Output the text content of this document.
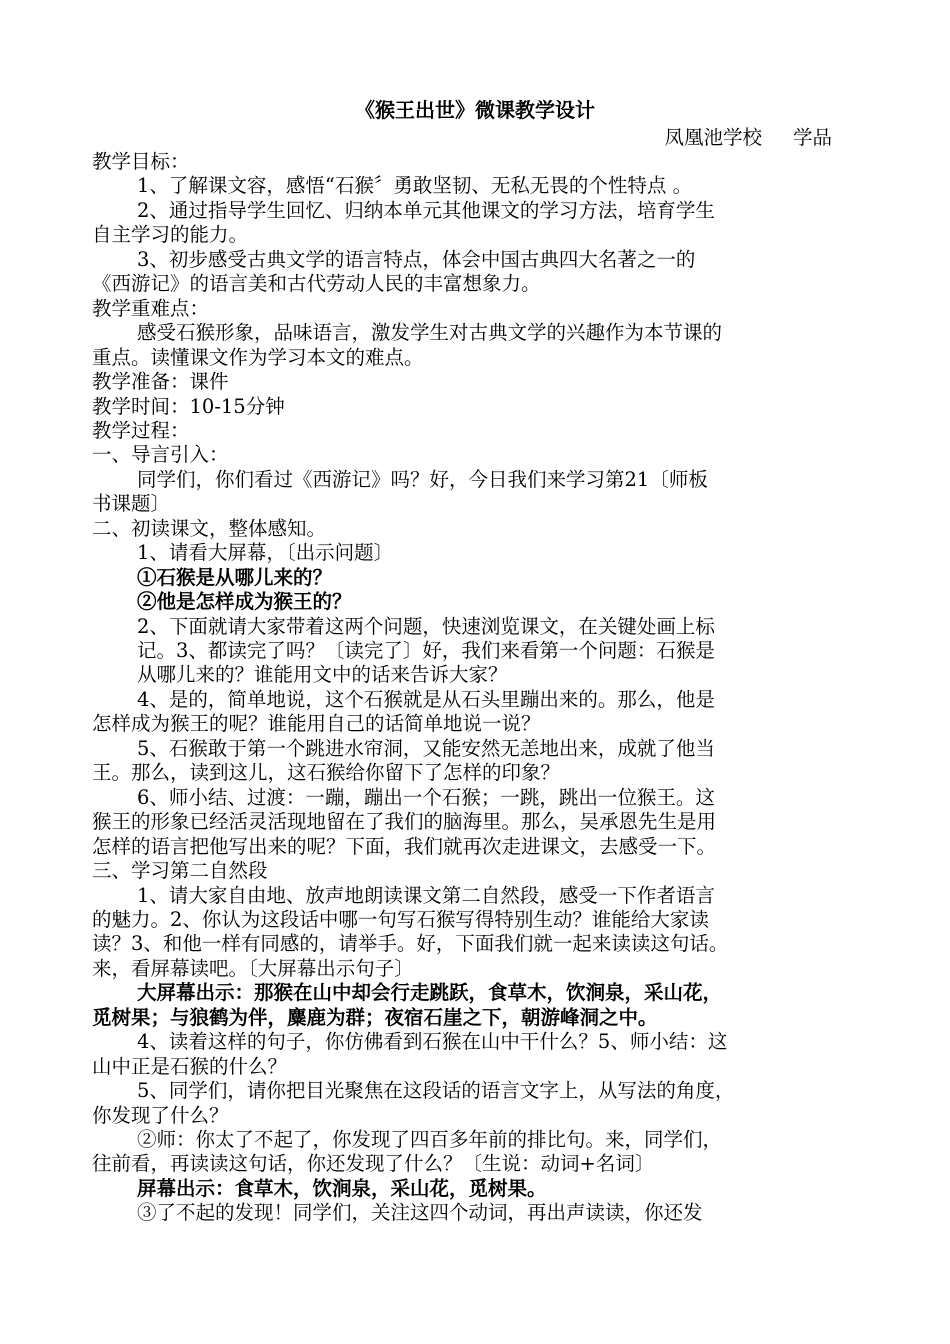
《猴王出世》微课教学设计
凤凰池学校     学品
教学目标：
1、了解课文容，感悟“石猴〞勇敢坚韧、无私无畏的个性特点 。
2、通过指导学生回忆、归纳本单元其他课文的学习方法，培育学生
自主学习的能力。
3、初步感受古典文学的语言特点，体会中国古典四大名著之一的
《西游记》的语言美和古代劳动人民的丰富想象力。
教学重难点：
感受石猴形象，品味语言，激发学生对古典文学的兴趣作为本节课的
重点。读懂课文作为学习本文的难点。
教学准备：课件
教学时间：10-15分钟
教学过程：
一、导言引入：
同学们，你们看过《西游记》吗？好，今日我们来学习第21〔师板
书课题〕
二、初读课文，整体感知。
1、请看大屏幕，〔出示问题〕
①石猴是从哪儿来的？
②他是怎样成为猴王的？
2、下面就请大家带着这两个问题，快速浏览课文，在关键处画上标
记。3、都读完了吗？〔读完了〕好，我们来看第一个问题：石猴是
从哪儿来的？谁能用文中的话来告诉大家？
4、是的，简单地说，这个石猴就是从石头里蹦出来的。那么，他是
怎样成为猴王的呢？谁能用自己的话简单地说一说？
5、石猴敢于第一个跳进水帘洞，又能安然无恙地出来，成就了他当
王。那么，读到这儿，这石猴给你留下了怎样的印象？
6、师小结、过渡：一蹦，蹦出一个石猴；一跳，跳出一位猴王。这
猴王的形象已经活灵活现地留在了我们的脑海里。那么，吴承恩先生是用
怎样的语言把他写出来的呢？下面，我们就再次走进课文，去感受一下。
三、学习第二自然段
1、请大家自由地、放声地朗读课文第二自然段，感受一下作者语言
的魅力。2、你认为这段话中哪一句写石猴写得特别生动？谁能给大家读
读？3、和他一样有同感的，请举手。好，下面我们就一起来读读这句话。
来，看屏幕读吧。〔大屏幕出示句子〕
大屏幕出示：那猴在山中却会行走跳跃，食草木，饮涧泉，采山花，
觅树果；与狼鹤为伴，麋鹿为群；夜宿石崖之下，朝游峰洞之中。
4、读着这样的句子，你仿佛看到石猴在山中干什么？5、师小结：这
山中正是石猴的什么？
5、同学们，请你把目光聚焦在这段话的语言文字上，从写法的角度，
你发现了什么？
②师：你太了不起了，你发现了四百多年前的排比句。来，同学们，
往前看，再读读这句话，你还发现了什么？〔生说：动词+名词〕
屏幕出示：食草木，饮涧泉，采山花，觅树果。
③了不起的发现！同学们，关注这四个动词，再出声读读，你还发
